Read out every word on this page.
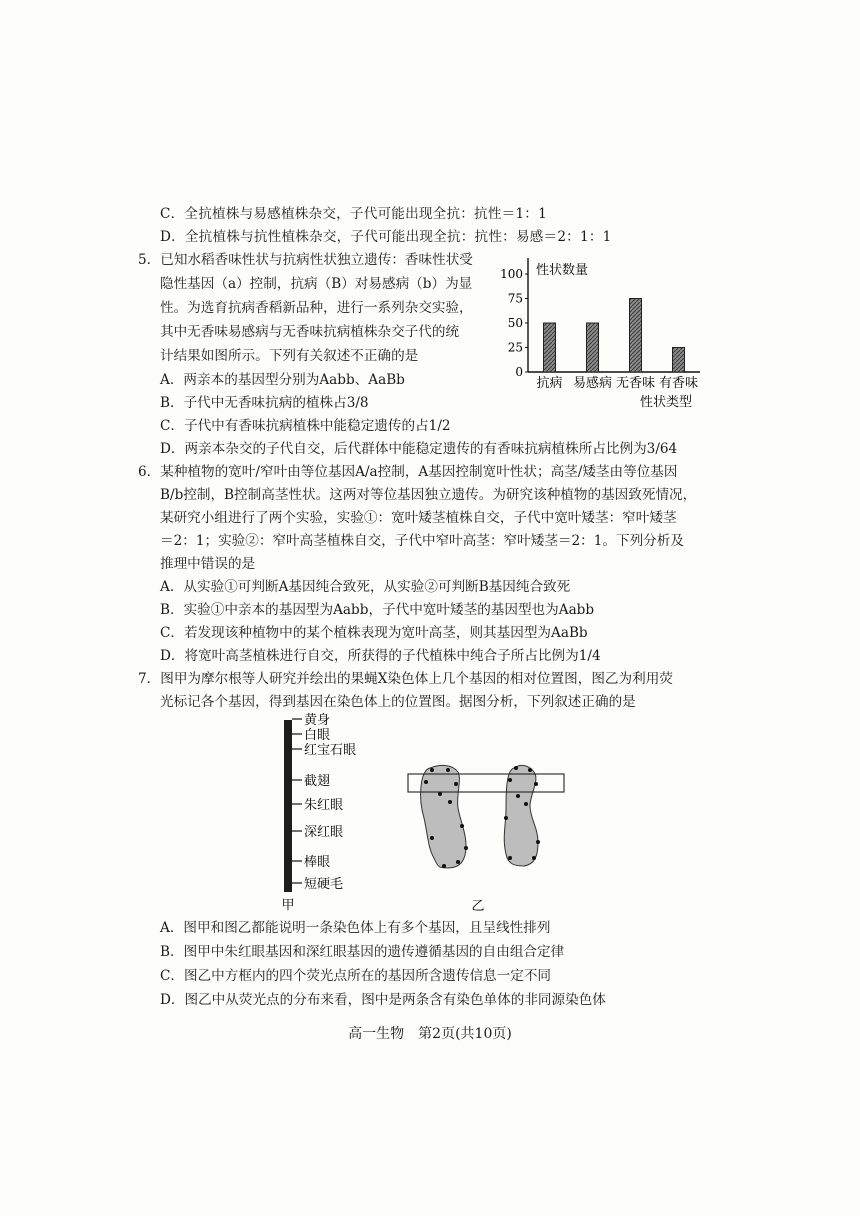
C．全抗植株与易感植株杂交，子代可能出现全抗：抗性＝1：1
D．全抗植株与抗性植株杂交，子代可能出现全抗：抗性：易感＝2：1：1
5．已知水稻香味性状与抗病性状独立遗传：香味性状受
隐性基因（a）控制，抗病（B）对易感病（b）为显
性。为选育抗病香稻新品种，进行一系列杂交实验，
其中无香味易感病与无香味抗病植株杂交子代的统
计结果如图所示。下列有关叙述不正确的是
A．两亲本的基因型分别为Aabb、AaBb
B．子代中无香味抗病的植株占3/8
C．子代中有香味抗病植株中能稳定遗传的占1/2
D．两亲本杂交的子代自交，后代群体中能稳定遗传的有香味抗病植株所占比例为3/64
100
75
50
25
0
性状数量
抗病 易感病 无香味 有香味
性状类型
6．某种植物的宽叶/窄叶由等位基因A/a控制，A基因控制宽叶性状；高茎/矮茎由等位基因
B/b控制，B控制高茎性状。这两对等位基因独立遗传。为研究该种植物的基因致死情况，
某研究小组进行了两个实验，实验①：宽叶矮茎植株自交，子代中宽叶矮茎：窄叶矮茎
＝2：1；实验②：窄叶高茎植株自交，子代中窄叶高茎：窄叶矮茎＝2：1。下列分析及
推理中错误的是
A．从实验①可判断A基因纯合致死，从实验②可判断B基因纯合致死
B．实验①中亲本的基因型为Aabb，子代中宽叶矮茎的基因型也为Aabb
C．若发现该种植物中的某个植株表现为宽叶高茎，则其基因型为AaBb
D．将宽叶高茎植株进行自交，所获得的子代植株中纯合子所占比例为1/4
7．图甲为摩尔根等人研究并绘出的果蝇X染色体上几个基因的相对位置图，图乙为利用荧
光标记各个基因，得到基因在染色体上的位置图。据图分析，下列叙述正确的是
黄身
白眼
红宝石眼
截翅
朱红眼
深红眼
棒眼
短硬毛
甲	乙
A．图甲和图乙都能说明一条染色体上有多个基因，且呈线性排列
B．图甲中朱红眼基因和深红眼基因的遗传遵循基因的自由组合定律
C．图乙中方框内的四个荧光点所在的基因所含遗传信息一定不同
D．图乙中从荧光点的分布来看，图中是两条含有染色单体的非同源染色体
高一生物　第2页(共10页)
